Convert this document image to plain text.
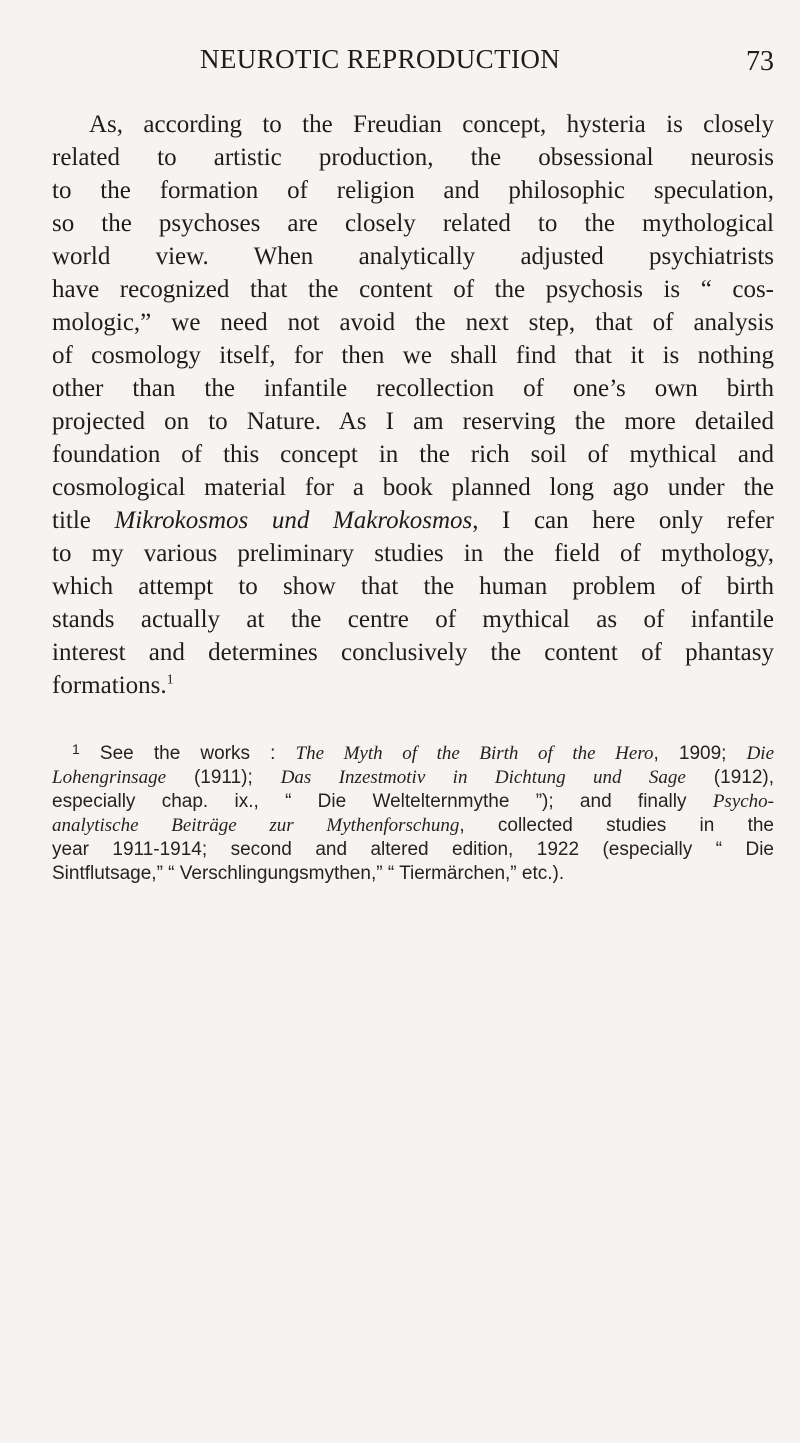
NEUROTIC REPRODUCTION	73
As, according to the Freudian concept, hysteria is closely
related to artistic production, the obsessional neurosis
to the formation of religion and philosophic speculation,
so the psychoses are closely related to the mythological
world view. When analytically adjusted psychiatrists
have recognized that the content of the psychosis is “ cos-
mologic,” we need not avoid the next step, that of analysis
of cosmology itself, for then we shall find that it is nothing
other than the infantile recollection of one’s own birth
projected on to Nature. As I am reserving the more detailed
foundation of this concept in the rich soil of mythical and
cosmological material for a book planned long ago under the
title Mikrokosmos und Makrokosmos, I can here only refer
to my various preliminary studies in the field of mythology,
which attempt to show that the human problem of birth
stands actually at the centre of mythical as of infantile
interest and determines conclusively the content of phantasy
formations.$^1$
$^1$ See the works : The Myth of the Birth of the Hero, 1909; Die
Lohengrinsage (1911); Das Inzestmotiv in Dichtung und Sage (1912),
especially chap. ix., “ Die Weltelternmythe ”); and finally Psycho-
analytische Beiträge zur Mythenforschung, collected studies in the
year 1911-1914; second and altered edition, 1922 (especially “ Die
Sintflutsage,” “ Verschlingungsmythen,” “ Tiermärchen,” etc.).
